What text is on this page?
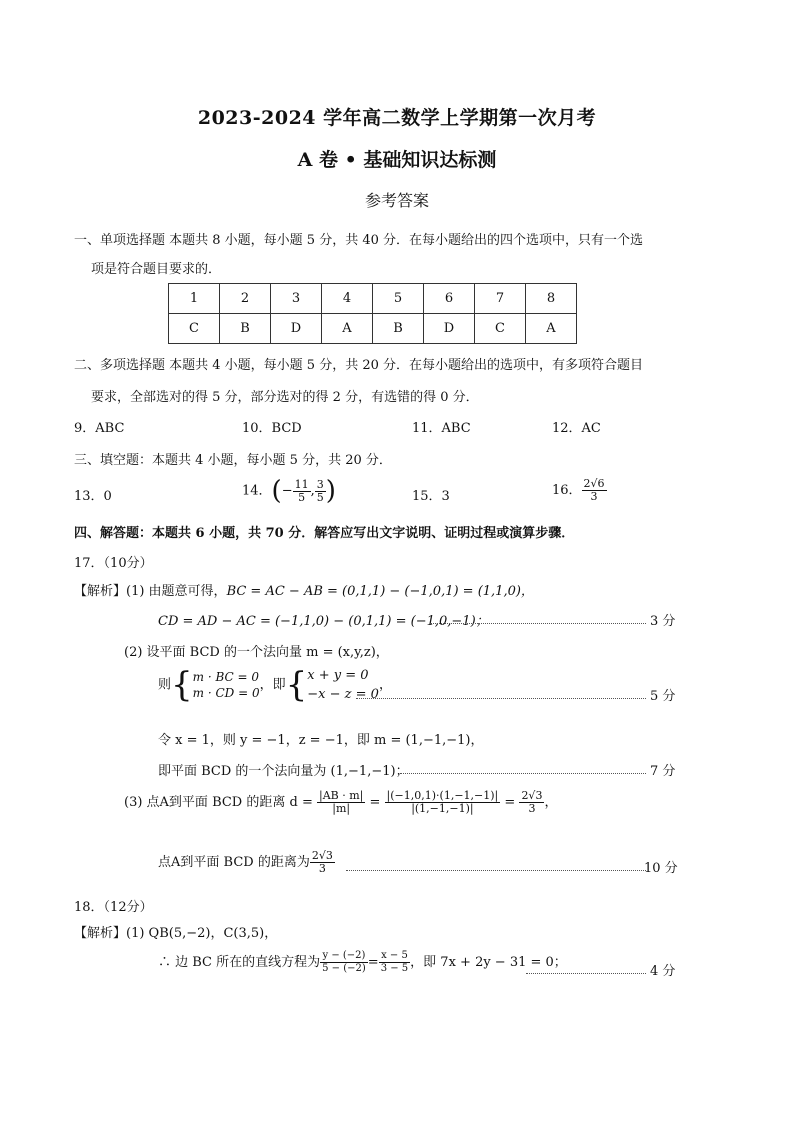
2023-2024 学年高二数学上学期第一次月考
A 卷 • 基础知识达标测
参考答案
一、单项选择题 本题共 8 小题，每小题 5 分，共 40 分．在每小题给出的四个选项中，只有一个选
项是符合题目要求的．
1	2	3	4	5	6	7	8
C	B	D	A	B	D	C	A
二、多项选择题 本题共 4 小题，每小题 5 分，共 20 分．在每小题给出的选项中，有多项符合题目
要求，全部选对的得 5 分，部分选对的得 2 分，有选错的得 0 分．
9．ABC	10．BCD	11．ABC	12．AC
三、填空题：本题共 4 小题，每小题 5 分，共 20 分．
13．0	14．(− $\frac{11}{5}$ , $\frac{3}{5}$ )	15．3	16． $\frac{2√6}{3}$
四、解答题：本题共 6 小题，共 70 分．解答应写出文字说明、证明过程或演算步骤．
17．（10分）
【解析】(1) 由题意可得，BC = AC − AB = (0,1,1) − (−1,0,1) = (1,1,0)，
CD = AD − AC = (−1,1,0) − (0,1,1) = (−1,0,−1)；	3 分
(2) 设平面 BCD 的一个法向量 m = (x,y,z)，
则{m · BC = 0
m · CD = 0，即{x + y = 0
−x − z = 0，
5 分
令 x = 1，则 y = −1，z = −1，即 m = (1,−1,−1)，
即平面 BCD 的一个法向量为 (1,−1,−1)；	7 分
(3) 点A到平面 BCD 的距离 $d = \frac{|AB \cdot m|}{|m|} = \frac{|(-1,0,1)\cdot(1,-1,-1)|}{|(1,-1,-1)|} = \frac{2√3}{3}$ ，
点A到平面 BCD 的距离为 $\frac{2√3}{3}$	10 分
18．（12分）
【解析】(1) QB(5,−2)，C(3,5)，
∴ 边 BC 所在的直线方程为 $\frac{y - (-2)}{5 - (-2)} = \frac{x - 5}{3 - 5}$ ，即 7x + 2y − 31 = 0；
4 分
